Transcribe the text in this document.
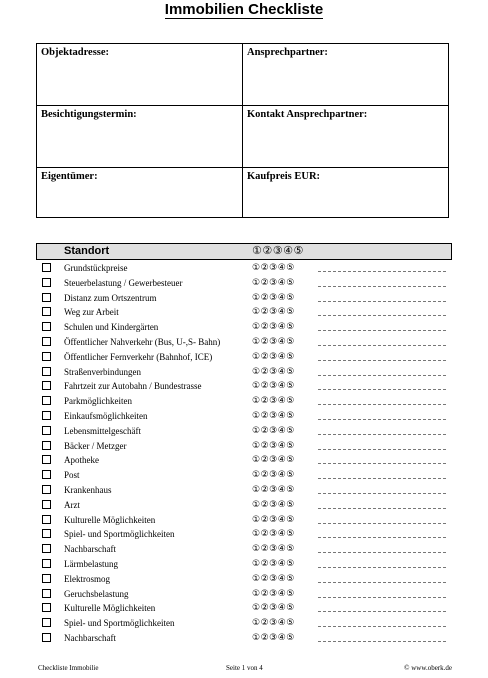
Immobilien Checkliste
Objektadresse:	Ansprechpartner:
Besichtigungstermin:	Kontakt Ansprechpartner:
Eigentümer:	Kaufpreis EUR:
Standort	①②③④⑤
Grundstückpreise	①②③④⑤
Steuerbelastung / Gewerbesteuer	①②③④⑤
Distanz zum Ortszentrum	①②③④⑤
Weg zur Arbeit	①②③④⑤
Schulen und Kindergärten	①②③④⑤
Öffentlicher Nahverkehr (Bus, U-,S- Bahn)	①②③④⑤
Öffentlicher Fernverkehr (Bahnhof, ICE)	①②③④⑤
Straßenverbindungen	①②③④⑤
Fahrtzeit zur Autobahn / Bundestrasse	①②③④⑤
Parkmöglichkeiten	①②③④⑤
Einkaufsmöglichkeiten	①②③④⑤
Lebensmittelgeschäft	①②③④⑤
Bäcker / Metzger	①②③④⑤
Apotheke	①②③④⑤
Post	①②③④⑤
Krankenhaus	①②③④⑤
Arzt	①②③④⑤
Kulturelle Möglichkeiten	①②③④⑤
Spiel- und Sportmöglichkeiten	①②③④⑤
Nachbarschaft	①②③④⑤
Lärmbelastung	①②③④⑤
Elektrosmog	①②③④⑤
Geruchsbelastung	①②③④⑤
Kulturelle Möglichkeiten	①②③④⑤
Spiel- und Sportmöglichkeiten	①②③④⑤
Nachbarschaft	①②③④⑤
Checkliste Immobilie	Seite 1 von 4	© www.oberk.de
